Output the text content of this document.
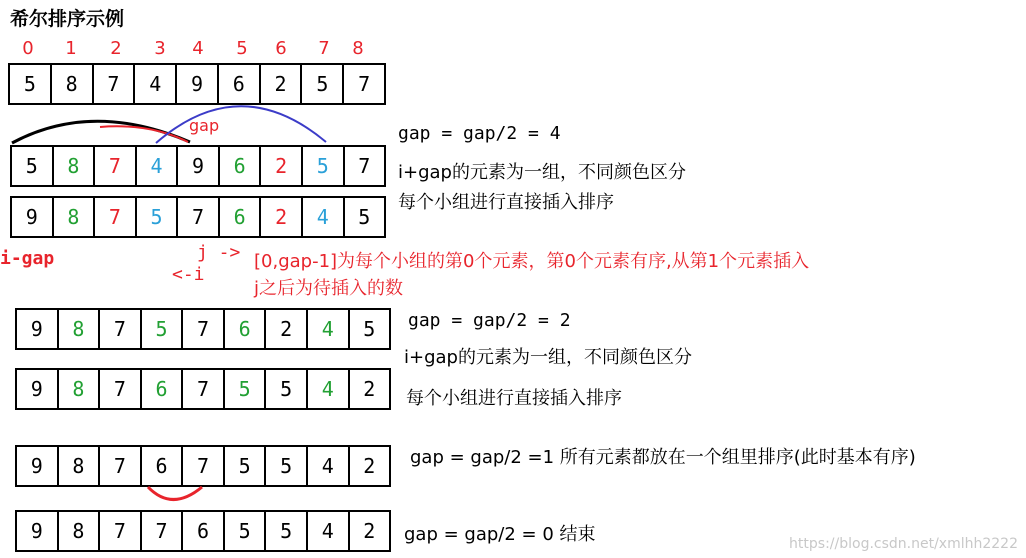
希尔排序示例
0 1 2 3 4 5 6 7 8
5	8	7	4	9	6	2	5	7
5	8	7	4	9	6	2	5	7
9	8	7	5	7	6	2	4	5
9	8	7	5	7	6	2	4	5
9	8	7	6	7	5	5	4	2
9	8	7	6	7	5	5	4	2
9	8	7	7	6	5	5	4	2
gap	gap = gap/2 = 4
i+gap的元素为一组，不同颜色区分
每个小组进行直接插入排序
i-gap	j ->
<-i
[0,gap-1]为每个小组的第0个元素，第0个元素有序,从第1个元素插入
j之后为待插入的数
gap = gap/2 = 2
i+gap的元素为一组，不同颜色区分
每个小组进行直接插入排序
gap = gap/2 =1 所有元素都放在一个组里排序(此时基本有序)
gap = gap/2 = 0 结束	https://blog.csdn.net/xmlhh2222
